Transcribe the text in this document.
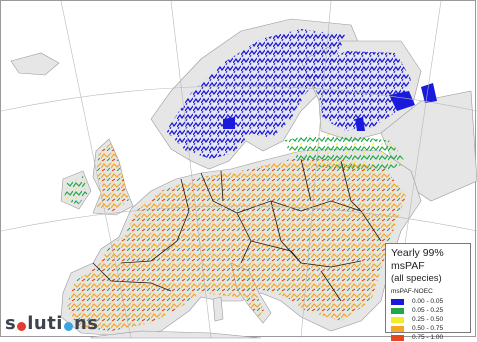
Yearly 99% msPAF
(all species)
msPAF-NOEC
0.00 - 0.05
0.05 - 0.25
0.25 - 0.50
0.50 - 0.75
0.75 - 1.00
s luti ns
